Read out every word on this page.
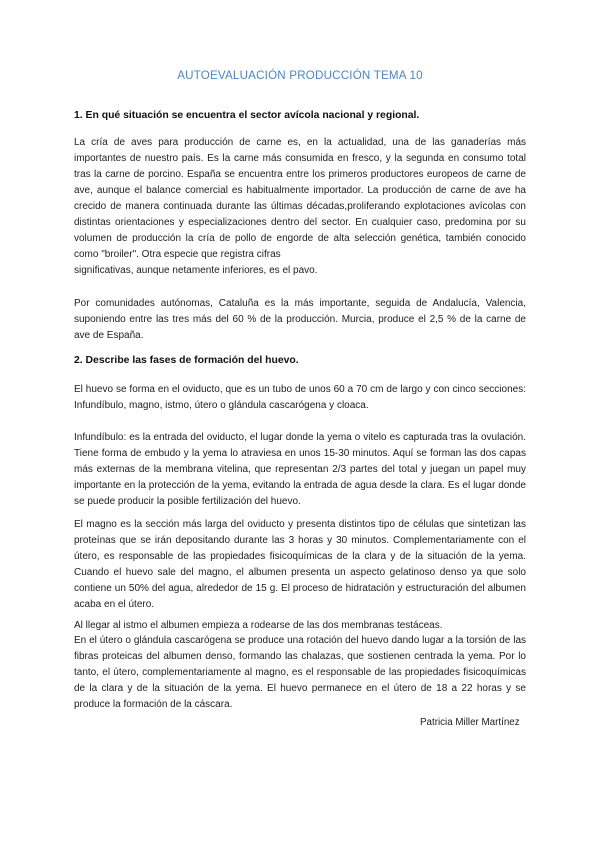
AUTOEVALUACIÓN PRODUCCIÓN TEMA 10
1. En qué situación se encuentra el sector avícola nacional y regional.
La cría de aves para producción de carne es, en la actualidad, una de las ganaderías más importantes de nuestro país. Es la carne más consumida en fresco, y la segunda en consumo total tras la carne de porcino. España se encuentra entre los primeros productores europeos de carne de ave, aunque el balance comercial es habitualmente importador. La producción de carne de ave ha crecido de manera continuada durante las últimas décadas,proliferando explotaciones avícolas con distintas orientaciones y especializaciones dentro del sector. En cualquier caso, predomina por su volumen de producción la cría de pollo de engorde de alta selección genética, también conocido como "broiler". Otra especie que registra cifras
significativas, aunque netamente inferiores, es el pavo.
Por comunidades autónomas, Cataluña es la más importante, seguida de Andalucía, Valencia, suponiendo entre las tres más del 60 % de la producción. Murcia, produce el 2,5 % de la carne de ave de España.
2. Describe las fases de formación del huevo.
El huevo se forma en el oviducto, que es un tubo de unos 60 a 70 cm de largo y con cinco secciones: Infundíbulo, magno, istmo, útero o glándula cascarógena y cloaca.
Infundíbulo: es la entrada del oviducto, el lugar donde la yema o vitelo es capturada tras la ovulación. Tiene forma de embudo y la yema lo atraviesa en unos 15-30 minutos. Aquí se forman las dos capas más externas de la membrana vitelina, que representan 2/3 partes del total y juegan un papel muy importante en la protección de la yema, evitando la entrada de agua desde la clara. Es el lugar donde se puede producir la posible fertilización del huevo.
El magno es la sección más larga del oviducto y presenta distintos tipo de células que sintetizan las proteínas que se irán depositando durante las 3 horas y 30 minutos. Complementariamente con el útero, es responsable de las propiedades fisicoquímicas de la clara y de la situación de la yema. Cuando el huevo sale del magno, el albumen presenta un aspecto gelatinoso denso ya que solo contiene un 50% del agua, alrededor de 15 g. El proceso de hidratación y estructuración del albumen acaba en el útero.
Al llegar al istmo el albumen empieza a rodearse de las dos membranas testáceas.
En el útero o glándula cascarógena se produce una rotación del huevo dando lugar a la torsión de las fibras proteicas del albumen denso, formando las chalazas, que sostienen centrada la yema. Por lo tanto, el útero, complementariamente al magno, es el responsable de las propiedades fisicoquímicas de la clara y de la situación de la yema. El huevo permanece en el útero de 18 a 22 horas y se produce la formación de la cáscara.
Patricia Miller Martínez
